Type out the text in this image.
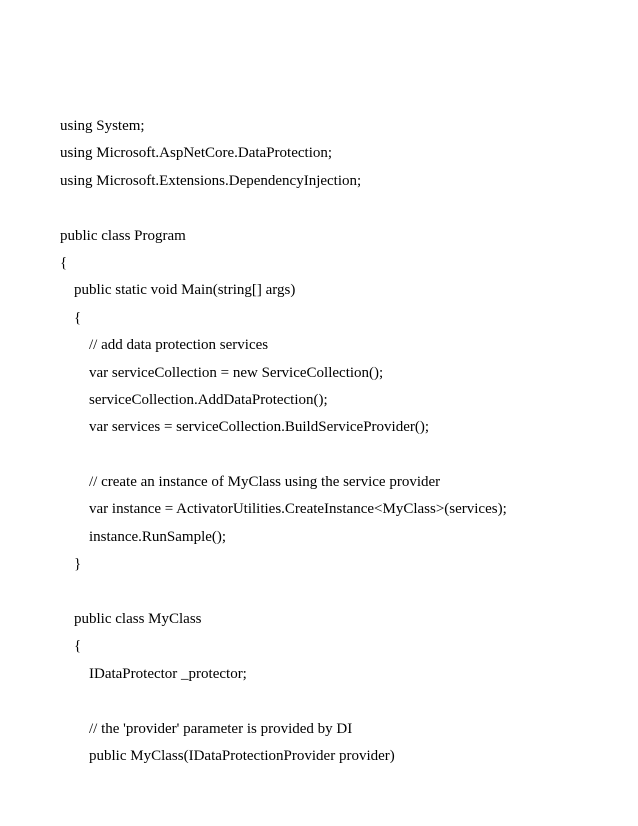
using System;
using Microsoft.AspNetCore.DataProtection;
using Microsoft.Extensions.DependencyInjection;
public class Program
{
public static void Main(string[] args)
{
// add data protection services
var serviceCollection = new ServiceCollection();
serviceCollection.AddDataProtection();
var services = serviceCollection.BuildServiceProvider();
// create an instance of MyClass using the service provider
var instance = ActivatorUtilities.CreateInstance<MyClass>(services);
instance.RunSample();
}
public class MyClass
{
IDataProtector _protector;
// the 'provider' parameter is provided by DI
public MyClass(IDataProtectionProvider provider)
